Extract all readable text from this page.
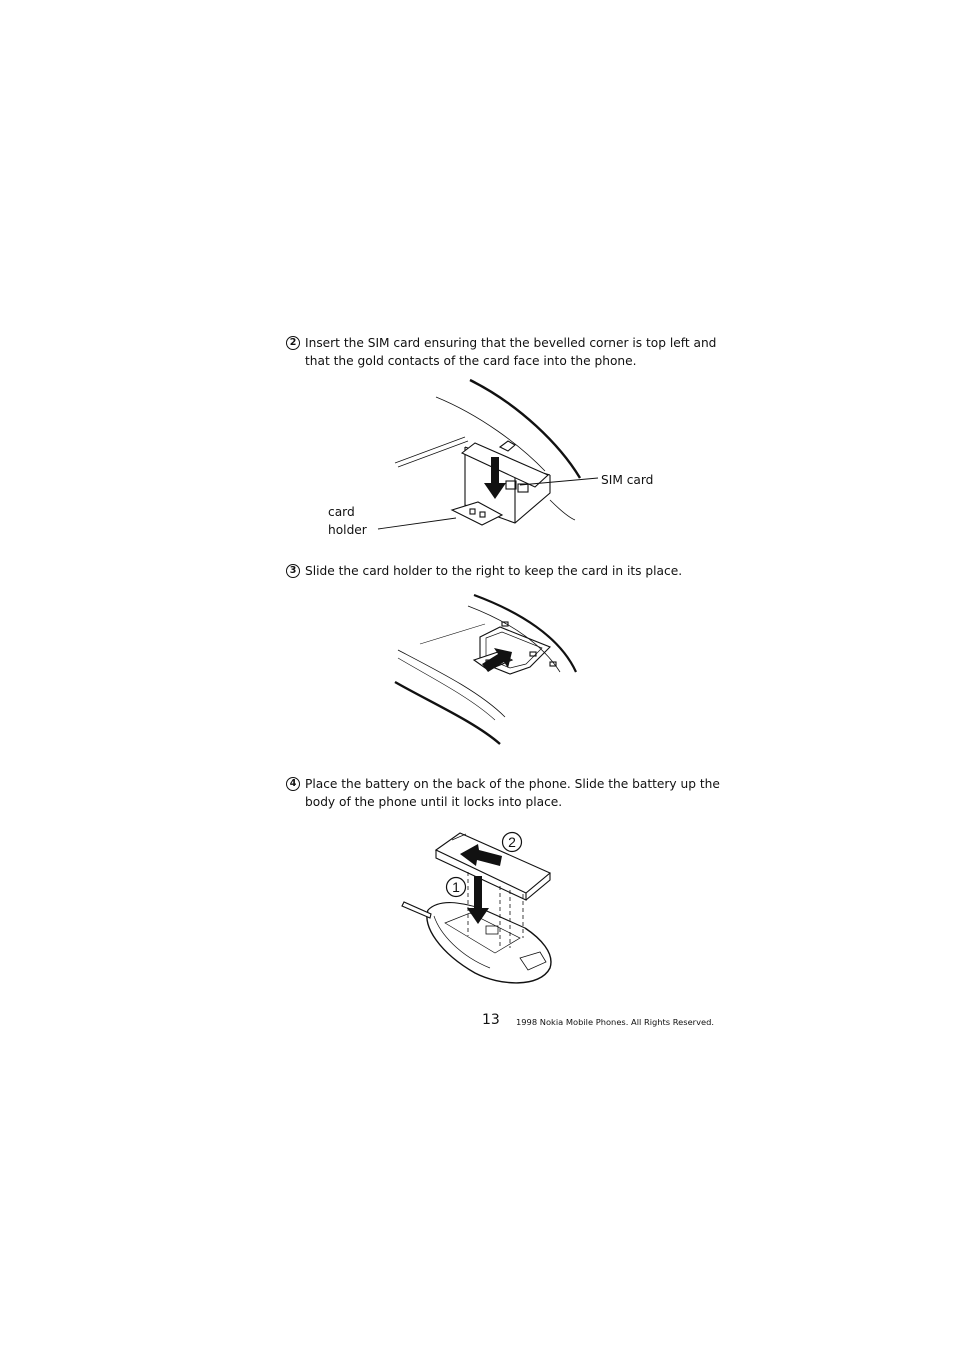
2 Insert the SIM card ensuring that the bevelled corner is top left and
that the gold contacts of the card face into the phone.
SIM card
card
holder
3 Slide the card holder to the right to keep the card in its place.
4 Place the battery on the back of the phone. Slide the battery up the
body of the phone until it locks into place.
1
2
13 1998 Nokia Mobile Phones. All Rights Reserved.
